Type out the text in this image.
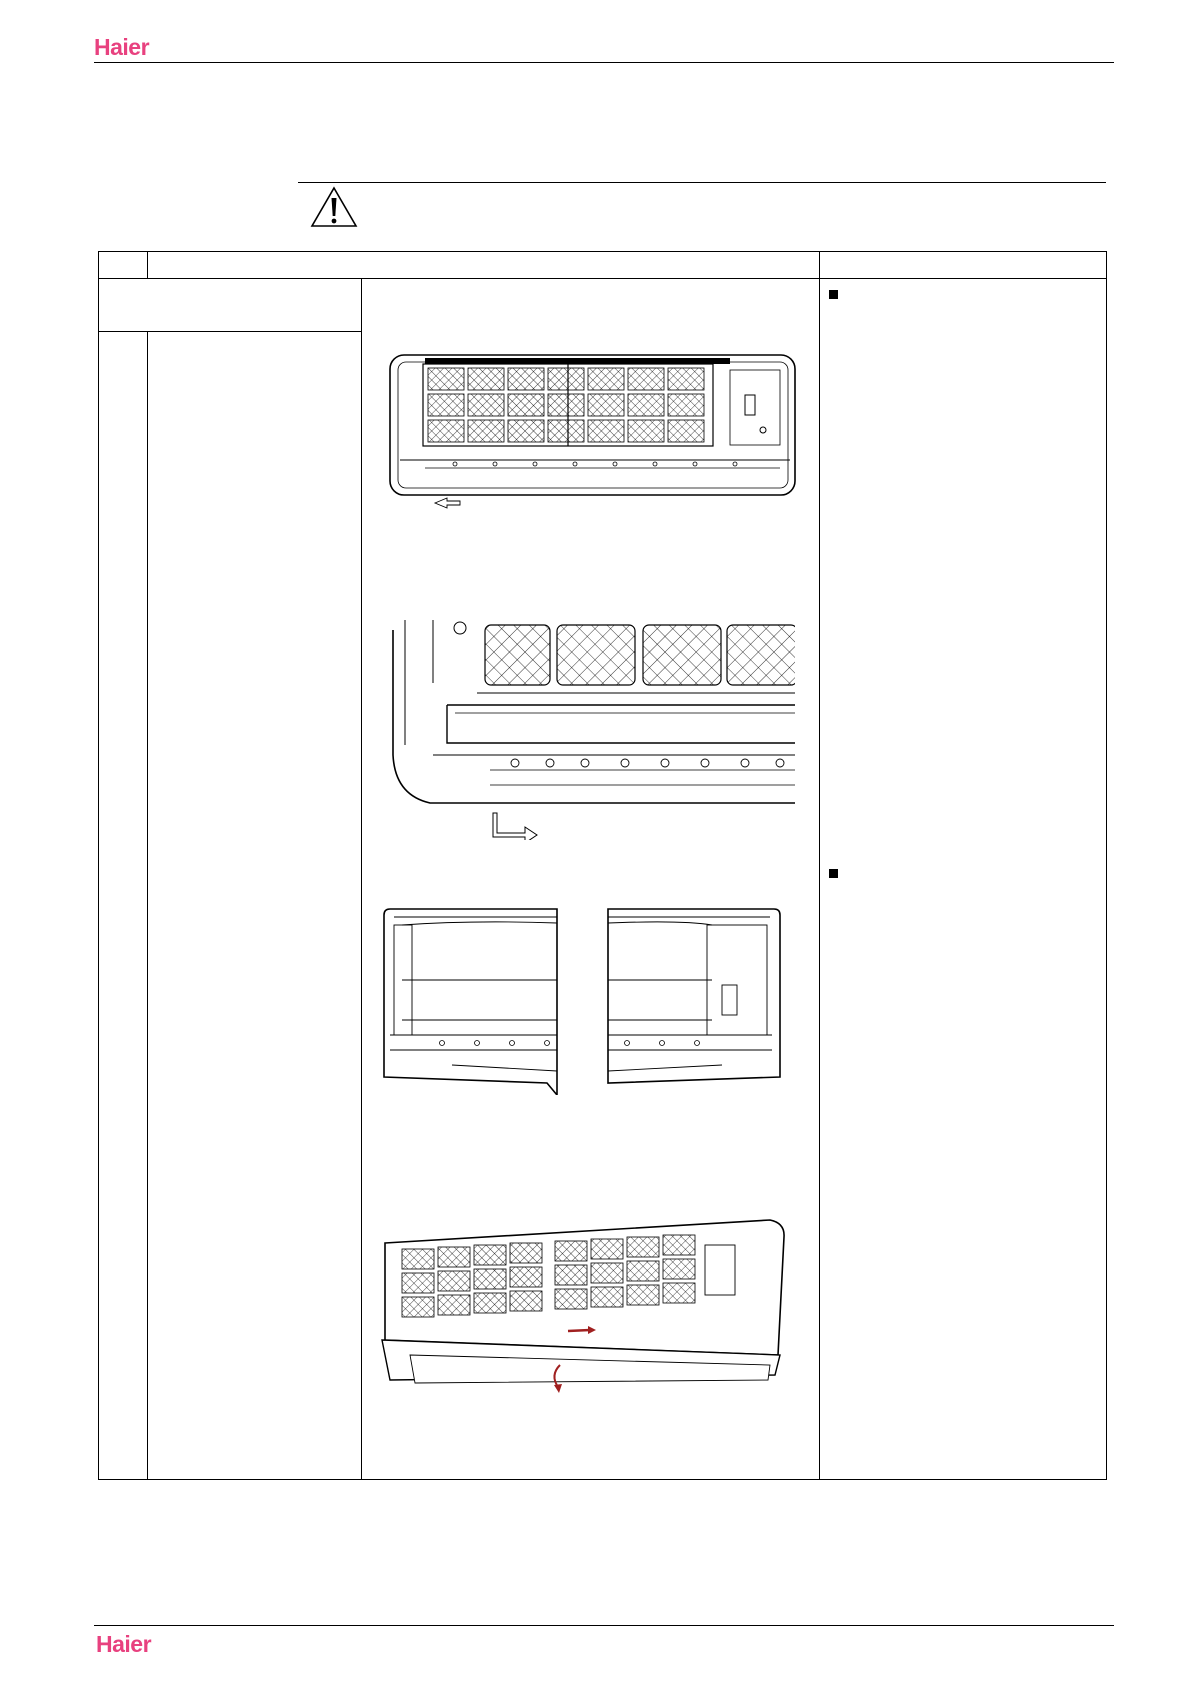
Haier
Haier
